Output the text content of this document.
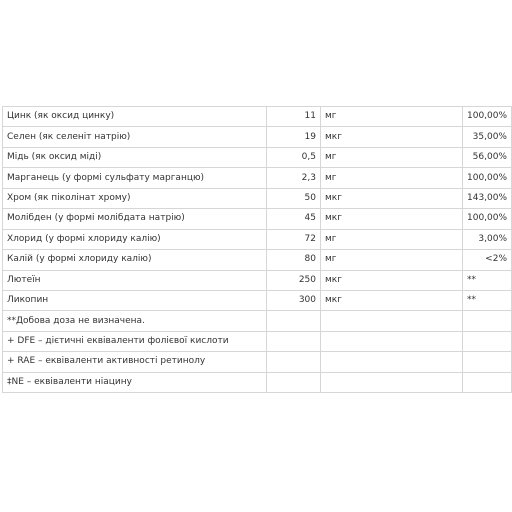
Цинк (як оксид цинку)	11	мг	100,00%
Селен (як селеніт натрію)	19	мкг	35,00%
Мідь (як оксид міді)	0,5	мг	56,00%
Марганець (у формі сульфату марганцю)	2,3	мг	100,00%
Хром (як піколінат хрому)	50	мкг	143,00%
Молібден (у формі молібдата натрію)	45	мкг	100,00%
Хлорид (у формі хлориду калію)	72	мг	3,00%
Калій (у формі хлориду калію)	80	мг	<2%
Лютеїн	250	мкг	**
Ликопин	300	мкг	**
**Добова доза не визначена.			
+ DFE – дієтичні еквіваленти фолієвої кислоти			
+ RAE – еквіваленти активності ретинолу			
‡NE – еквіваленти ніацину			
